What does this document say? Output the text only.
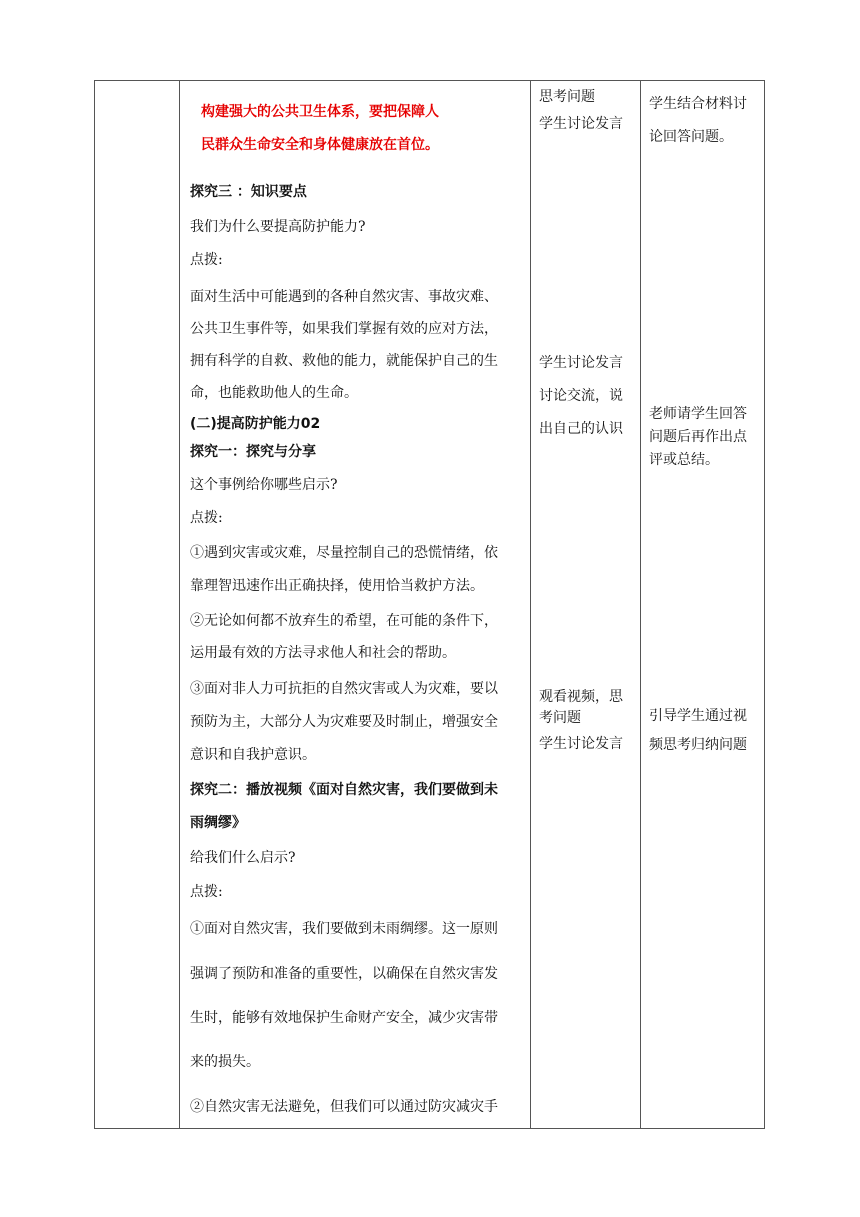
构建强大的公共卫生体系，要把保障人
民群众生命安全和身体健康放在首位。
探究三 ：知识要点
我们为什么要提高防护能力?
点拨:
面对生活中可能遇到的各种自然灾害、事故灾难、
公共卫生事件等，如果我们掌握有效的应对方法，
拥有科学的自救、救他的能力，就能保护自己的生
命，也能救助他人的生命。
(二)提高防护能力02
探究一：探究与分享
这个事例给你哪些启示?
点拨:
①遇到灾害或灾难，尽量控制自己的恐慌情绪，依
靠理智迅速作出正确抉择，使用恰当救护方法。
②无论如何都不放弃生的希望，在可能的条件下，
运用最有效的方法寻求他人和社会的帮助。
③面对非人力可抗拒的自然灾害或人为灾难，要以
预防为主，大部分人为灾难要及时制止，增强安全
意识和自我护意识。
探究二：播放视频《面对自然灾害，我们要做到未
雨绸缪》
给我们什么启示?
点拨:
①面对自然灾害，我们要做到未雨绸缪。这一原则
强调了预防和准备的重要性，以确保在自然灾害发
生时，能够有效地保护生命财产安全，减少灾害带
来的损失。
②自然灾害无法避免，但我们可以通过防灾减灾手
思考问题
学生讨论发言
学生讨论发言
讨论交流，说
出自己的认识
观看视频，思
考问题
学生讨论发言
学生结合材料讨
论回答问题。
老师请学生回答
问题后再作出点
评或总结。
引导学生通过视
频思考归纳问题
